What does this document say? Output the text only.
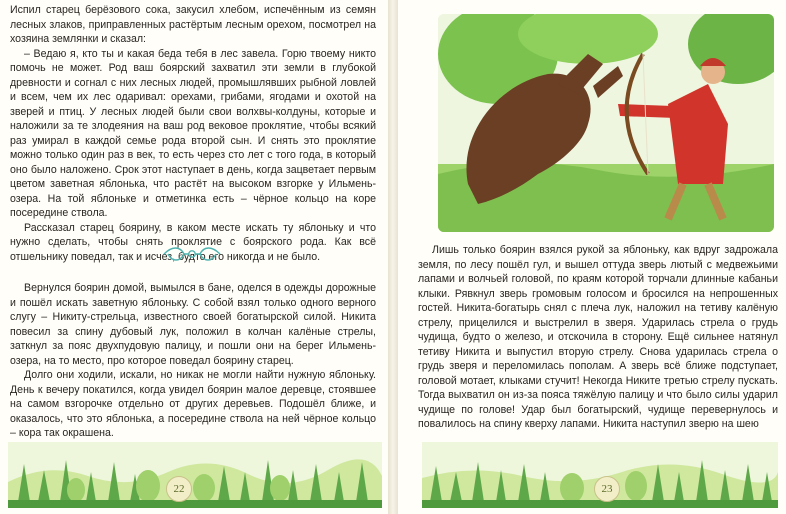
Испил старец берёзового сока, закусил хлебом, испечённым из семян лесных злаков, приправленных растёртым лесным орехом, посмотрел на хозяина землянки и сказал:

– Ведаю я, кто ты и какая беда тебя в лес завела. Горю твоему никто помочь не может. Род ваш боярский захватил эти земли в глубокой древности и согнал с них лесных людей, промышлявших рыбной ловлей и всем, чем их лес одаривал: орехами, грибами, ягодами и охотой на зверей и птиц. У лесных людей были свои волхвы-колдуны, которые и наложили за те злодеяния на ваш род вековое проклятие, чтобы всякий раз умирал в каждой семье рода второй сын. И снять это проклятие можно только один раз в век, то есть через сто лет с того года, в который оно было наложено. Срок этот наступает в день, когда зацветает первым цветом заветная яблонька, что растёт на высоком взгорке у Ильмень-озера. На той яблоньке и отметинка есть – чёрное кольцо на коре посередине ствола.

Рассказал старец боярину, в каком месте искать ту яблоньку и что нужно сделать, чтобы снять проклятие с боярского рода. Как всё отшельнику поведал, так и исчез, будто его никогда и не было.

Вернулся боярин домой, вымылся в бане, оделся в одежды дорожные и пошёл искать заветную яблоньку. С собой взял только одного верного слугу – Никиту-стрельца, известного своей богатырской силой. Никита повесил за спину дубовый лук, положил в колчан калёные стрелы, заткнул за пояс двухпудовую палицу, и пошли они на берег Ильмень-озера, на то место, про которое поведал боярину старец.

Долго они ходили, искали, но никак не могли найти нужную яблоньку. День к вечеру покатился, когда увидел боярин малое деревце, стоявшее на самом взгорочке отдельно от других деревьев. Подошёл ближе, и оказалось, что это яблонька, а посередине ствола на ней чёрное кольцо – кора так окрашена.

22

Лишь только боярин взялся рукой за яблоньку, как вдруг задрожала земля, по лесу пошёл гул, и вышел оттуда зверь лютый с медвежьими лапами и волчьей головой, по краям которой торчали длинные кабаньи клыки. Рявкнул зверь громовым голосом и бросился на непрошенных гостей. Никита-богатырь снял с плеча лук, наложил на тетиву калёную стрелу, прицелился и выстрелил в зверя. Ударилась стрела о грудь чудища, будто о железо, и отскочила в сторону. Ещё сильнее натянул тетиву Никита и выпустил вторую стрелу. Снова ударилась стрела о грудь зверя и переломилась пополам. А зверь всё ближе подступает, головой мотает, клыками стучит! Некогда Никите третью стрелу пускать. Тогда выхватил он из-за пояса тяжёлую палицу и что было силы ударил чудище по голове! Удар был богатырский, чудище перевернулось и повалилось на спину кверху лапами. Никита наступил зверю на шею

23
